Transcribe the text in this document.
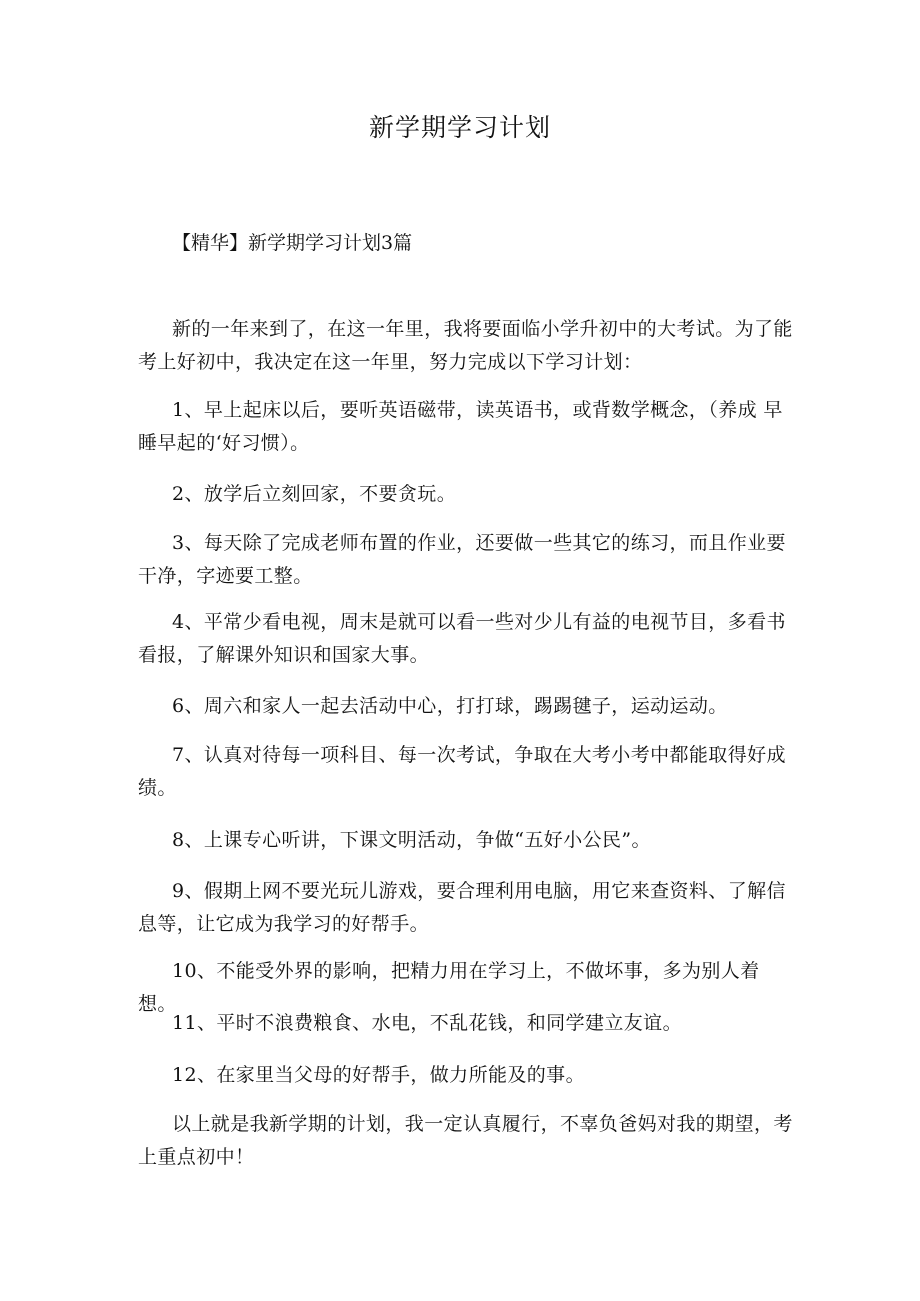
新学期学习计划

【精华】新学期学习计划3篇

新的一年来到了，在这一年里，我将要面临小学升初中的大考试。为了能考上好初中，我决定在这一年里，努力完成以下学习计划：

1、早上起床以后，要听英语磁带，读英语书，或背数学概念，（养成 早睡早起的‘好习惯）。

2、放学后立刻回家，不要贪玩。

3、每天除了完成老师布置的作业，还要做一些其它的练习，而且作业要干净，字迹要工整。

4、平常少看电视，周末是就可以看一些对少儿有益的电视节目，多看书看报，了解课外知识和国家大事。

6、周六和家人一起去活动中心，打打球，踢踢毽子，运动运动。

7、认真对待每一项科目、每一次考试，争取在大考小考中都能取得好成绩。

8、上课专心听讲，下课文明活动，争做“五好小公民”。

9、假期上网不要光玩儿游戏，要合理利用电脑，用它来查资料、了解信息等，让它成为我学习的好帮手。

10、不能受外界的影响，把精力用在学习上，不做坏事，多为别人着想。

11、平时不浪费粮食、水电，不乱花钱，和同学建立友谊。

12、在家里当父母的好帮手，做力所能及的事。

以上就是我新学期的计划，我一定认真履行，不辜负爸妈对我的期望，考上重点初中！
